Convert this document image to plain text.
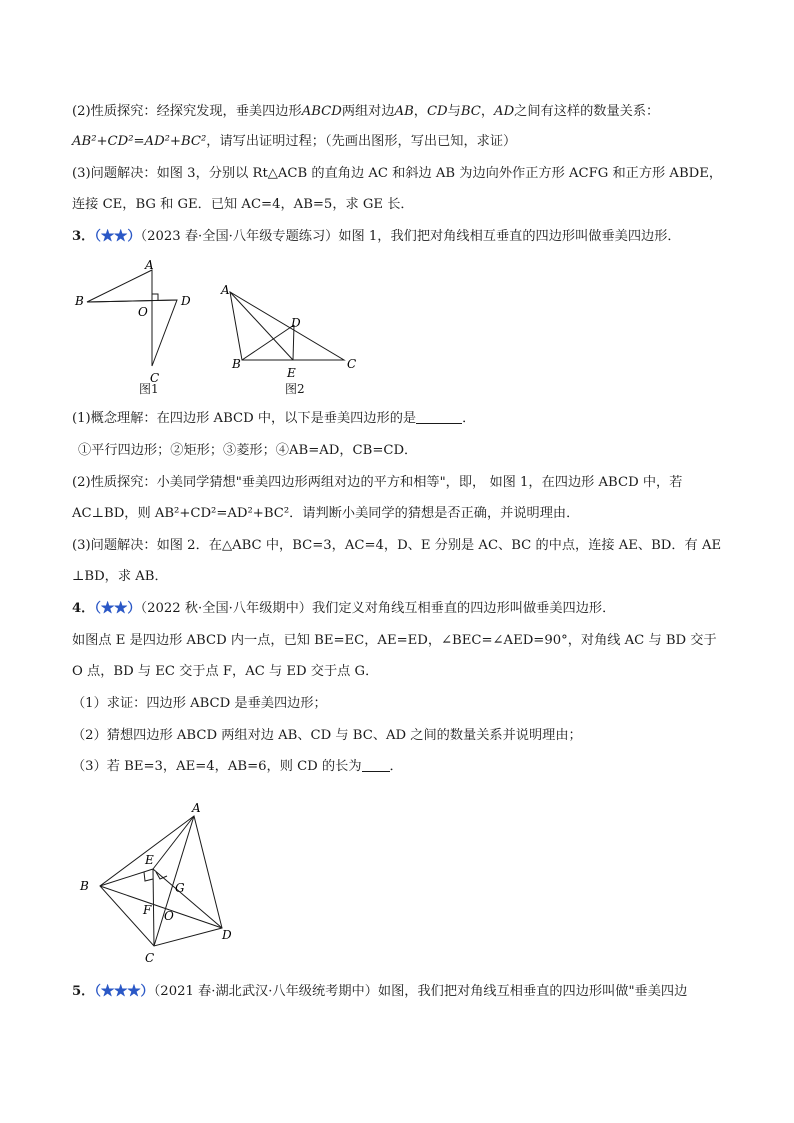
(2)性质探究：经探究发现，垂美四边形ABCD两组对边AB，CD与BC，AD之间有这样的数量关系：
AB²+CD²=AD²+BC²，请写出证明过程；（先画出图形，写出已知，求证）
(3)问题解决：如图 3，分别以 Rt△ACB 的直角边 AC 和斜边 AB 为边向外作正方形 ACFG 和正方形 ABDE，
连接 CE，BG 和 GE．已知 AC=4，AB=5，求 GE 长．
3．（★★）（2023 春·全国·八年级专题练习）如图 1，我们把对角线相互垂直的四边形叫做垂美四边形．
A
B
C
D
O
图1
A
B	C
D
E
图2
(1)概念理解：在四边形 ABCD 中，以下是垂美四边形的是	．
①平行四边形；②矩形；③菱形；④AB=AD，CB=CD．
(2)性质探究：小美同学猜想"垂美四边形两组对边的平方和相等"，即， 如图 1，在四边形 ABCD 中，若
AC⊥BD，则 AB²+CD²=AD²+BC²．请判断小美同学的猜想是否正确，并说明理由．
(3)问题解决：如图 2．在△ABC 中，BC=3，AC=4，D、E 分别是 AC、BC 的中点，连接 AE、BD．有 AE
⊥BD，求 AB．
4．（★★）（2022 秋·全国·八年级期中）我们定义对角线互相垂直的四边形叫做垂美四边形．
如图点 E 是四边形 ABCD 内一点，已知 BE=EC，AE=ED，∠BEC=∠AED=90°，对角线 AC 与 BD 交于
O 点，BD 与 EC 交于点 F，AC 与 ED 交于点 G．
（1）求证：四边形 ABCD 是垂美四边形；
（2）猜想四边形 ABCD 两组对边 AB、CD 与 BC、AD 之间的数量关系并说明理由；
（3）若 BE=3，AE=4，AB=6，则 CD 的长为 ．
A
B
C
D
E
F
G
O
5．（★★★）（2021 春·湖北武汉·八年级统考期中）如图，我们把对角线互相垂直的四边形叫做"垂美四边
